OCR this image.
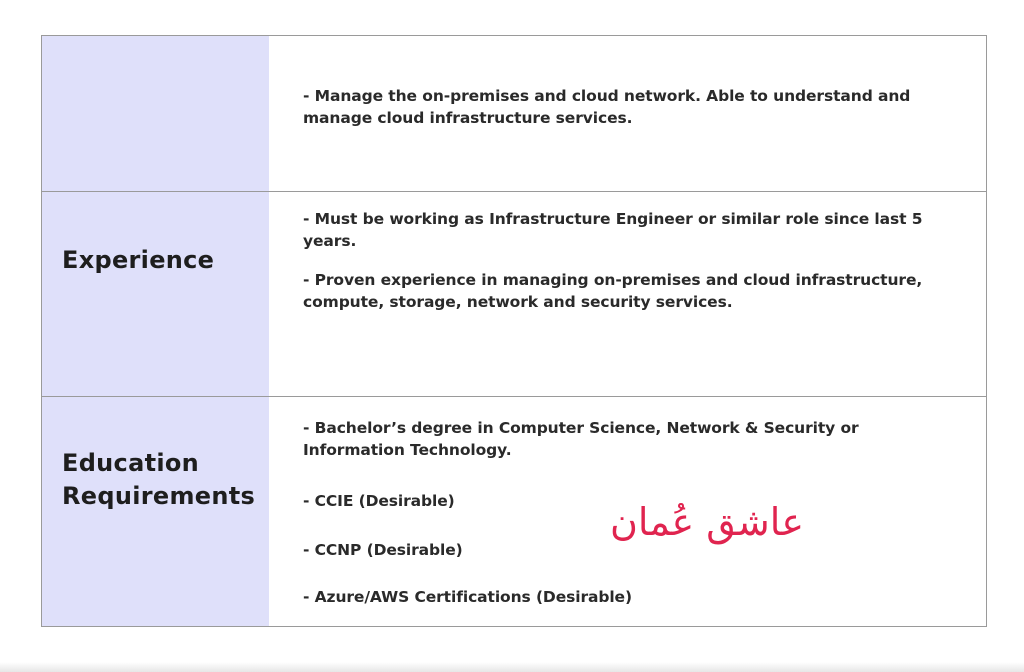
- Manage the on-premises and cloud network. Able to understand and manage cloud infrastructure services.
Experience
- Must be working as Infrastructure Engineer or similar role since last 5 years.
- Proven experience in managing on-premises and cloud infrastructure, compute, storage, network and security services.
Education Requirements
- Bachelor’s degree in Computer Science, Network & Security or Information Technology.
- CCIE (Desirable)
- CCNP (Desirable)
- Azure/AWS Certifications (Desirable)
عاشق عُمان
